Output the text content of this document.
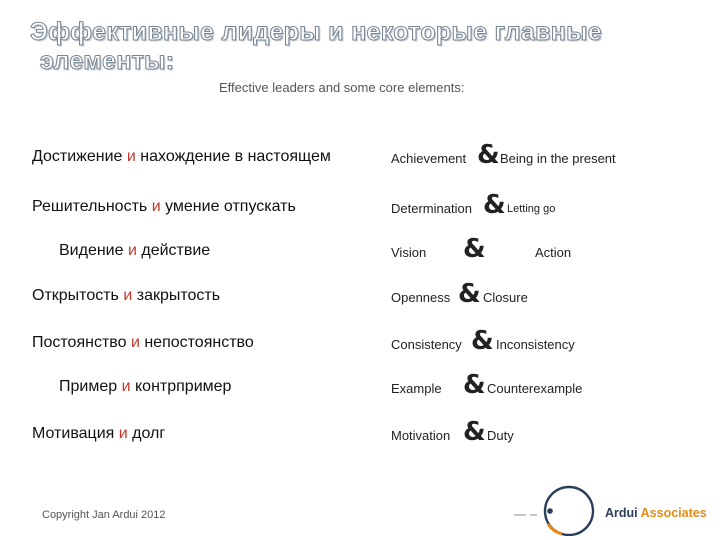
Эффективные лидеры и некоторые главные
элементы:
Effective leaders and some core elements:
Достижение и нахождение в настоящем	Achievement & Being in the present
Решительность и умение отпускать	Determination & Letting go
Видение и действие	Vision &	Action
Открытость и закрытость	Openness & Closure
Постоянство и непостоянство	Consistency & Inconsistency
Пример и контрпример	Example & Counterexample
Мотивация и долг	Motivation & Duty
Copyright Jan Ardui 2012	Ardui Associates
